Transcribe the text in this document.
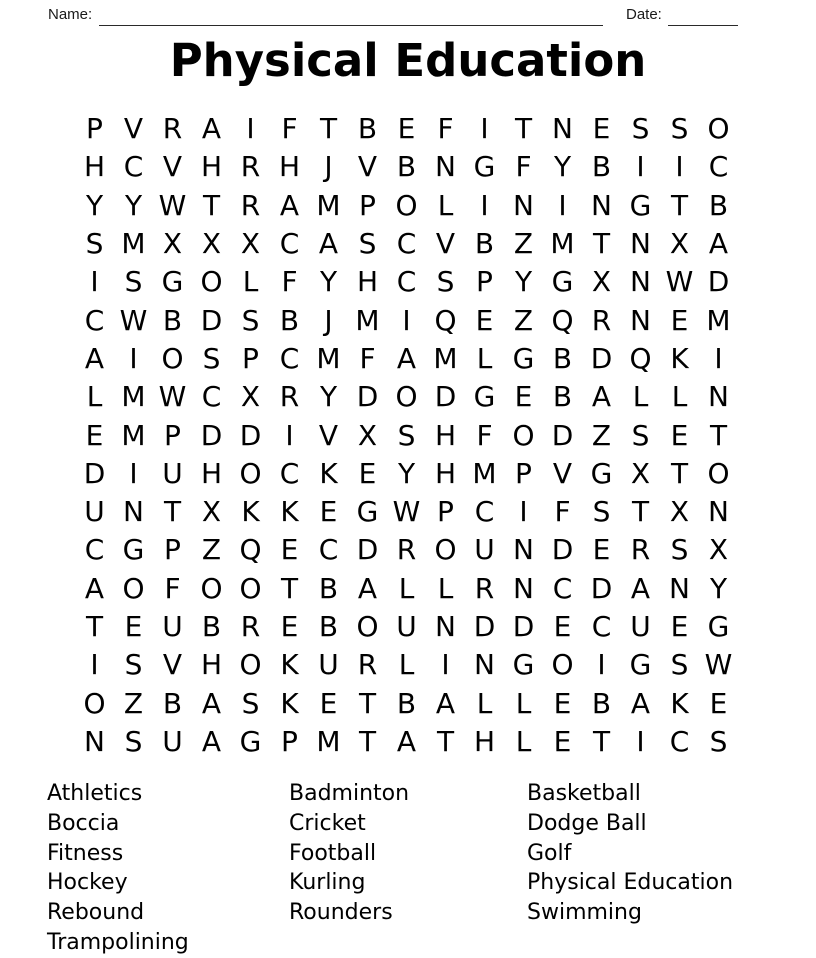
Name:	Date:
Physical Education
P V R A I F T B E F I T N E S S O
H C V H R H J V B N G F Y B I	I C
Y Y W T R A M P O L I N I N G T B
S M X X X C A S C V B Z M T N X A
I S G O L F Y H C S P Y G X N W D
C W B D S B J M I Q E Z Q R N E M
A I O S P C M F A M L G B D Q K I
L M W C X R Y D O D G E B A L L N
E M P D D I V X S H F O D Z S E T
D I U H O C K E Y H M P V G X T O
U N T X K K E G W P C I F S T X N
C G P Z Q E C D R O U N D E R S X
A O F O O T B A L L R N C D A N Y
T E U B R E B O U N D D E C U E G
I S V H O K U R L I N G O I G S W
O Z B A S K E T B A L L E B A K E
N S U A G P M T A T H L E T I C S
Athletics
Boccia
Fitness
Hockey
Rebound
Trampolining
Badminton
Cricket
Football
Kurling
Rounders
Basketball
Dodge Ball
Golf
Physical Education
Swimming
